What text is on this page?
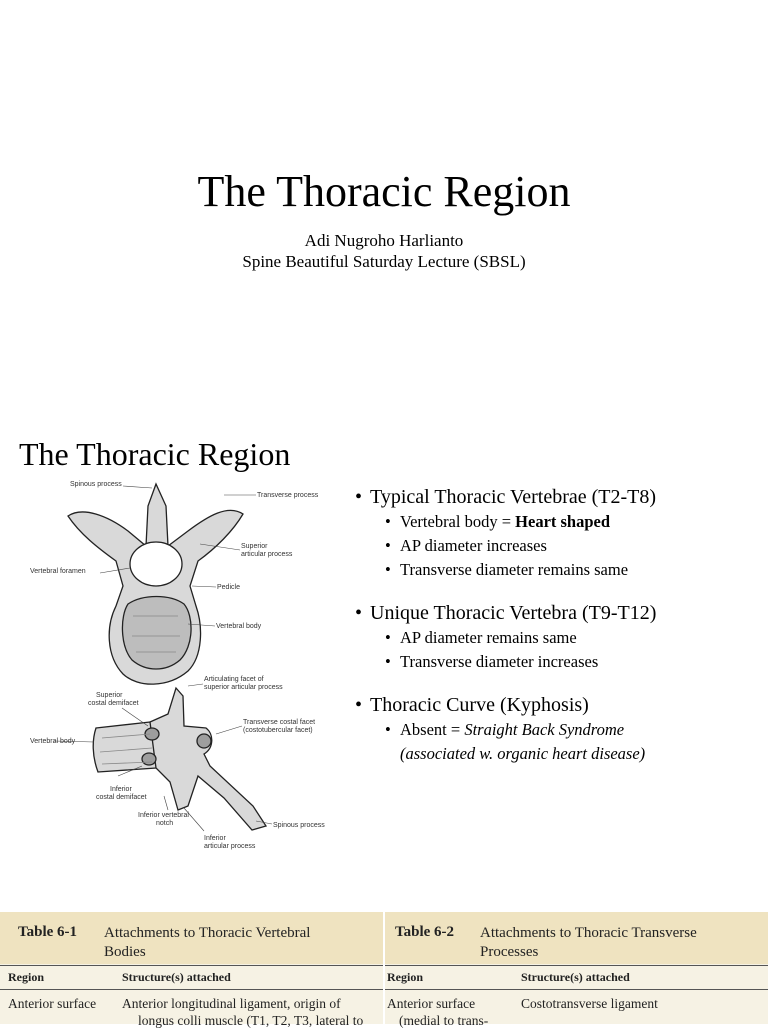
The Thoracic Region
Adi Nugroho Harlianto
Spine Beautiful Saturday Lecture (SBSL)
The Thoracic Region
Spinous process
Transverse process
Superior
articular process
Vertebral foramen
Pedicle
Vertebral body
Articulating facet of
superior articular process
Superior
costal demifacet
Transverse costal facet
(costotubercular facet)
Vertebral body
Spinous process
Inferior
costal demifacet
Inferior vertebral
notch
Inferior
articular process
• Typical Thoracic Vertebrae (T2-T8)
• Vertebral body = Heart shaped
• AP diameter increases
• Transverse diameter remains same
• Unique Thoracic Vertebra (T9-T12)
• AP diameter remains same
• Transverse diameter increases
• Thoracic Curve (Kyphosis)
• Absent = Straight Back Syndrome
(associated w. organic heart disease)
Table 6-1 Attachments to Thoracic Vertebral
Bodies
Region	Structure(s) attached
Anterior surface Anterior longitudinal ligament, origin of
longus colli muscle (T1, T2, T3, lateral to
Table 6-2 Attachments to Thoracic Transverse
Processes
Region	Structure(s) attached
Anterior surface
(medial to trans-
Costotransverse ligament
